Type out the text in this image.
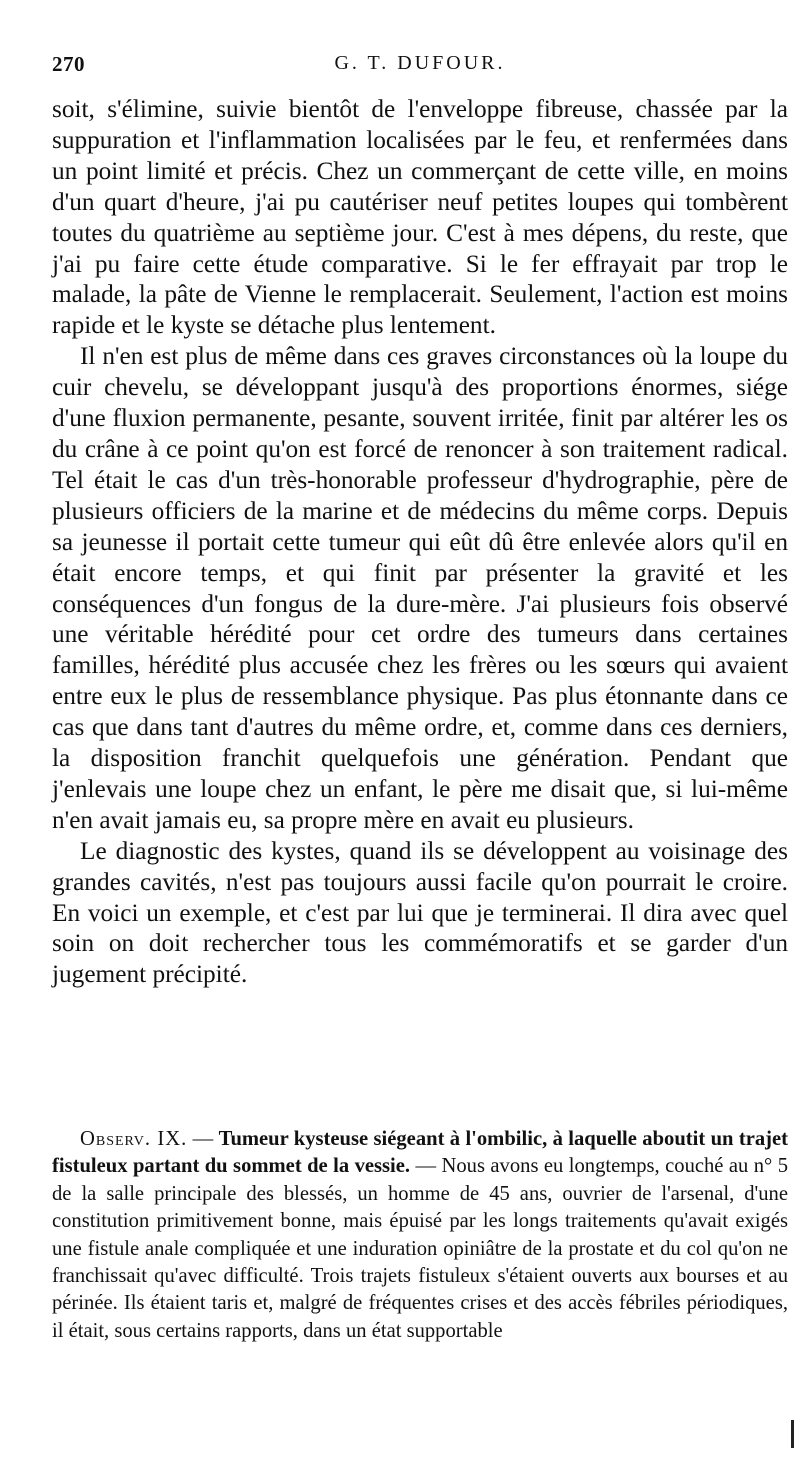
270	G. T. DUFOUR.

soit, s'élimine, suivie bientôt de l'enveloppe fibreuse, chassée par la suppuration et l'inflammation localisées par le feu, et renfermées dans un point limité et précis. Chez un commerçant de cette ville, en moins d'un quart d'heure, j'ai pu cautériser neuf petites loupes qui tombèrent toutes du quatrième au septième jour. C'est à mes dépens, du reste, que j'ai pu faire cette étude comparative. Si le fer effrayait par trop le malade, la pâte de Vienne le remplacerait. Seulement, l'action est moins rapide et le kyste se détache plus lentement.

Il n'en est plus de même dans ces graves circonstances où la loupe du cuir chevelu, se développant jusqu'à des proportions énormes, siége d'une fluxion permanente, pesante, souvent irritée, finit par altérer les os du crâne à ce point qu'on est forcé de renoncer à son traitement radical. Tel était le cas d'un très-honorable professeur d'hydrographie, père de plusieurs officiers de la marine et de médecins du même corps. Depuis sa jeunesse il portait cette tumeur qui eût dû être enlevée alors qu'il en était encore temps, et qui finit par présenter la gravité et les conséquences d'un fongus de la dure-mère. J'ai plusieurs fois observé une véritable hérédité pour cet ordre des tumeurs dans certaines familles, hérédité plus accusée chez les frères ou les sœurs qui avaient entre eux le plus de ressemblance physique. Pas plus étonnante dans ce cas que dans tant d'autres du même ordre, et, comme dans ces derniers, la disposition franchit quelquefois une génération. Pendant que j'enlevais une loupe chez un enfant, le père me disait que, si lui-même n'en avait jamais eu, sa propre mère en avait eu plusieurs.

Le diagnostic des kystes, quand ils se développent au voisinage des grandes cavités, n'est pas toujours aussi facile qu'on pourrait le croire. En voici un exemple, et c'est par lui que je terminerai. Il dira avec quel soin on doit rechercher tous les commémoratifs et se garder d'un jugement précipité.

Observ. IX. — Tumeur kysteuse siégeant à l'ombilic, à laquelle aboutit un trajet fistuleux partant du sommet de la vessie. — Nous avons eu longtemps, couché au n° 5 de la salle principale des blessés, un homme de 45 ans, ouvrier de l'arsenal, d'une constitution primitivement bonne, mais épuisé par les longs traitements qu'avait exigés une fistule anale compliquée et une induration opiniâtre de la prostate et du col qu'on ne franchissait qu'avec difficulté. Trois trajets fistuleux s'étaient ouverts aux bourses et au périnée. Ils étaient taris et, malgré de fréquentes crises et des accès fébriles périodiques, il était, sous certains rapports, dans un état supportable
